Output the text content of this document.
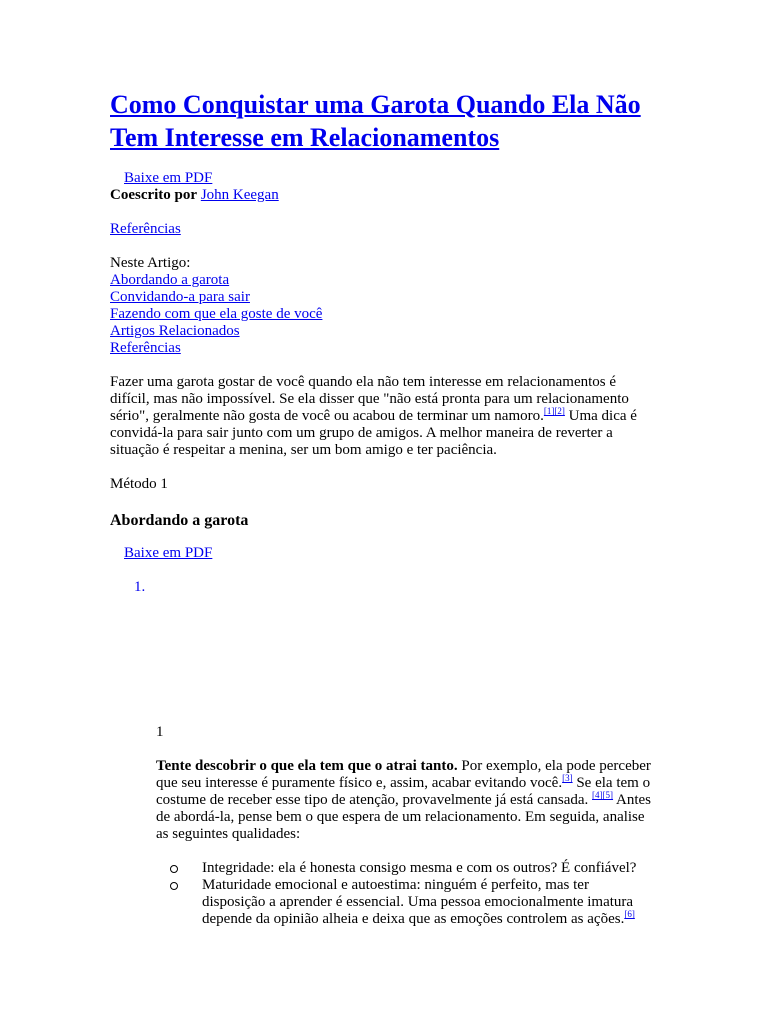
Como Conquistar uma Garota Quando Ela Não Tem Interesse em Relacionamentos
Baixe em PDF
Coescrito por John Keegan
Referências
Neste Artigo:
Abordando a garota
Convidando-a para sair
Fazendo com que ela goste de você
Artigos Relacionados
Referências
Fazer uma garota gostar de você quando ela não tem interesse em relacionamentos é difícil, mas não impossível. Se ela disser que "não está pronta para um relacionamento sério", geralmente não gosta de você ou acabou de terminar um namoro.[1][2] Uma dica é convidá-la para sair junto com um grupo de amigos. A melhor maneira de reverter a situação é respeitar a menina, ser um bom amigo e ter paciência.
Método 1
Abordando a garota
Baixe em PDF
1.
1
Tente descobrir o que ela tem que o atrai tanto. Por exemplo, ela pode perceber que seu interesse é puramente físico e, assim, acabar evitando você.[3] Se ela tem o costume de receber esse tipo de atenção, provavelmente já está cansada. [4][5] Antes de abordá-la, pense bem o que espera de um relacionamento. Em seguida, analise as seguintes qualidades:
Integridade: ela é honesta consigo mesma e com os outros? É confiável?
Maturidade emocional e autoestima: ninguém é perfeito, mas ter disposição a aprender é essencial. Uma pessoa emocionalmente imatura depende da opinião alheia e deixa que as emoções controlem as ações.[6]
